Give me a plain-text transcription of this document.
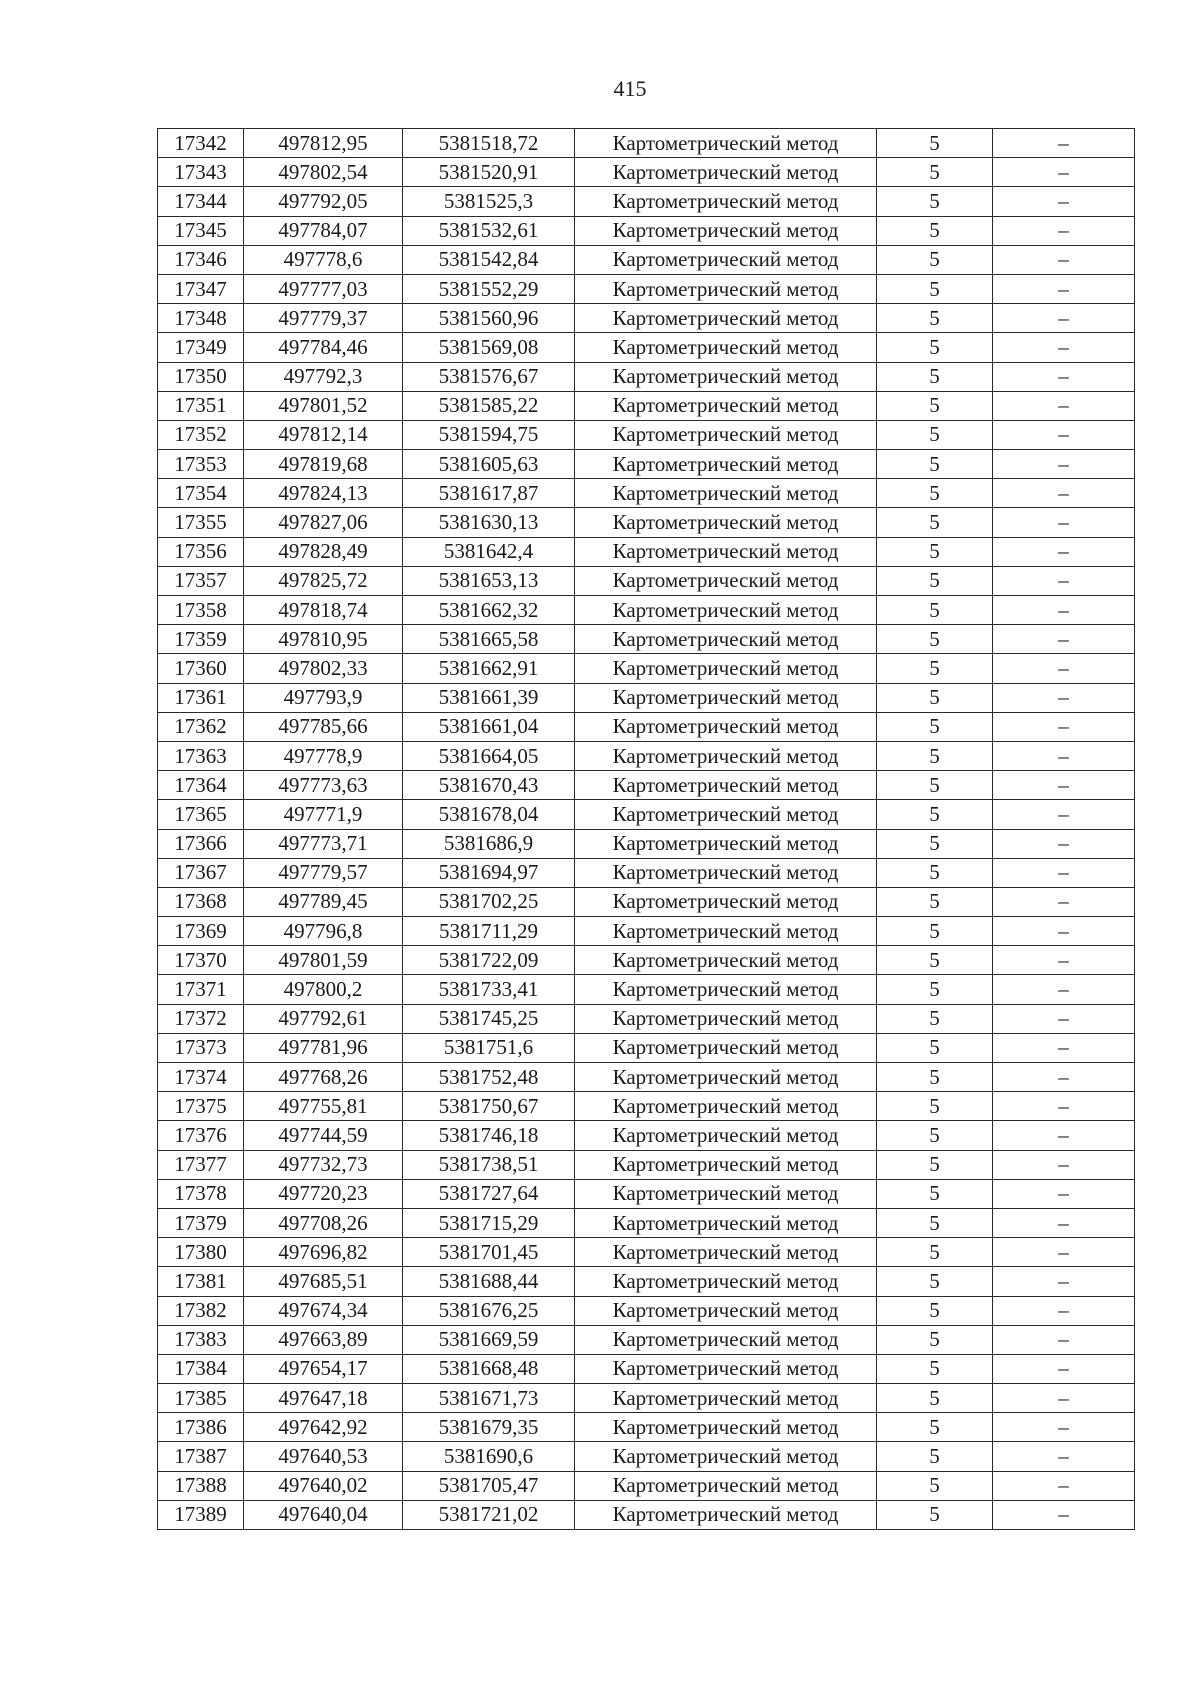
415
17342	497812,95	5381518,72	Картометрический метод	5	–
17343	497802,54	5381520,91	Картометрический метод	5	–
17344	497792,05	5381525,3	Картометрический метод	5	–
17345	497784,07	5381532,61	Картометрический метод	5	–
17346	497778,6	5381542,84	Картометрический метод	5	–
17347	497777,03	5381552,29	Картометрический метод	5	–
17348	497779,37	5381560,96	Картометрический метод	5	–
17349	497784,46	5381569,08	Картометрический метод	5	–
17350	497792,3	5381576,67	Картометрический метод	5	–
17351	497801,52	5381585,22	Картометрический метод	5	–
17352	497812,14	5381594,75	Картометрический метод	5	–
17353	497819,68	5381605,63	Картометрический метод	5	–
17354	497824,13	5381617,87	Картометрический метод	5	–
17355	497827,06	5381630,13	Картометрический метод	5	–
17356	497828,49	5381642,4	Картометрический метод	5	–
17357	497825,72	5381653,13	Картометрический метод	5	–
17358	497818,74	5381662,32	Картометрический метод	5	–
17359	497810,95	5381665,58	Картометрический метод	5	–
17360	497802,33	5381662,91	Картометрический метод	5	–
17361	497793,9	5381661,39	Картометрический метод	5	–
17362	497785,66	5381661,04	Картометрический метод	5	–
17363	497778,9	5381664,05	Картометрический метод	5	–
17364	497773,63	5381670,43	Картометрический метод	5	–
17365	497771,9	5381678,04	Картометрический метод	5	–
17366	497773,71	5381686,9	Картометрический метод	5	–
17367	497779,57	5381694,97	Картометрический метод	5	–
17368	497789,45	5381702,25	Картометрический метод	5	–
17369	497796,8	5381711,29	Картометрический метод	5	–
17370	497801,59	5381722,09	Картометрический метод	5	–
17371	497800,2	5381733,41	Картометрический метод	5	–
17372	497792,61	5381745,25	Картометрический метод	5	–
17373	497781,96	5381751,6	Картометрический метод	5	–
17374	497768,26	5381752,48	Картометрический метод	5	–
17375	497755,81	5381750,67	Картометрический метод	5	–
17376	497744,59	5381746,18	Картометрический метод	5	–
17377	497732,73	5381738,51	Картометрический метод	5	–
17378	497720,23	5381727,64	Картометрический метод	5	–
17379	497708,26	5381715,29	Картометрический метод	5	–
17380	497696,82	5381701,45	Картометрический метод	5	–
17381	497685,51	5381688,44	Картометрический метод	5	–
17382	497674,34	5381676,25	Картометрический метод	5	–
17383	497663,89	5381669,59	Картометрический метод	5	–
17384	497654,17	5381668,48	Картометрический метод	5	–
17385	497647,18	5381671,73	Картометрический метод	5	–
17386	497642,92	5381679,35	Картометрический метод	5	–
17387	497640,53	5381690,6	Картометрический метод	5	–
17388	497640,02	5381705,47	Картометрический метод	5	–
17389	497640,04	5381721,02	Картометрический метод	5	–
